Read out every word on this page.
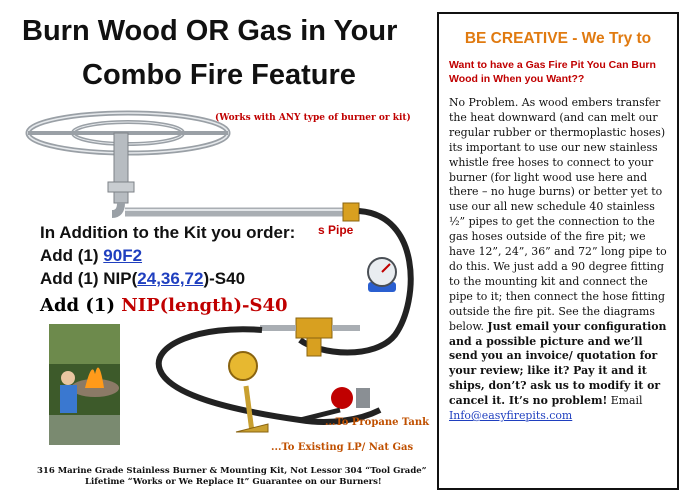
Burn Wood OR Gas in Your
Combo Fire Feature
(Works with ANY type of burner or kit)
s Pipe
...To Propane Tank
...To Existing LP/ Nat Gas
In Addition to the Kit you order:
Add (1) 90F2
Add (1) NIP(24,36,72)-S40
Add (1) NIP(length)-S40
316 Marine Grade Stainless Burner & Mounting Kit, Not Lessor 304 “Tool Grade”
Lifetime “Works or We Replace It” Guarantee on our Burners!
BE CREATIVE - We Try to
Want to have a Gas Fire Pit You Can Burn Wood in When you Want??
No Problem. As wood embers transfer the heat downward (and can melt our regular rubber or thermoplastic hoses) its important to use our new stainless whistle free hoses to connect to your burner (for light wood use here and there – no huge burns) or better yet to use our all new schedule 40 stainless ½” pipes to get the connection to the gas hoses outside of the fire pit; we have 12”, 24”, 36” and 72” long pipe to do this. We just add a 90 degree fitting to the mounting kit and connect the pipe to it; then connect the hose fitting outside the fire pit. See the diagrams below. Just email your configuration and a possible picture and we’ll send you an invoice/ quotation for your review; like it? Pay it and it ships, don’t? ask us to modify it or cancel it. It’s no problem! Email Info@easyfirepits.com
